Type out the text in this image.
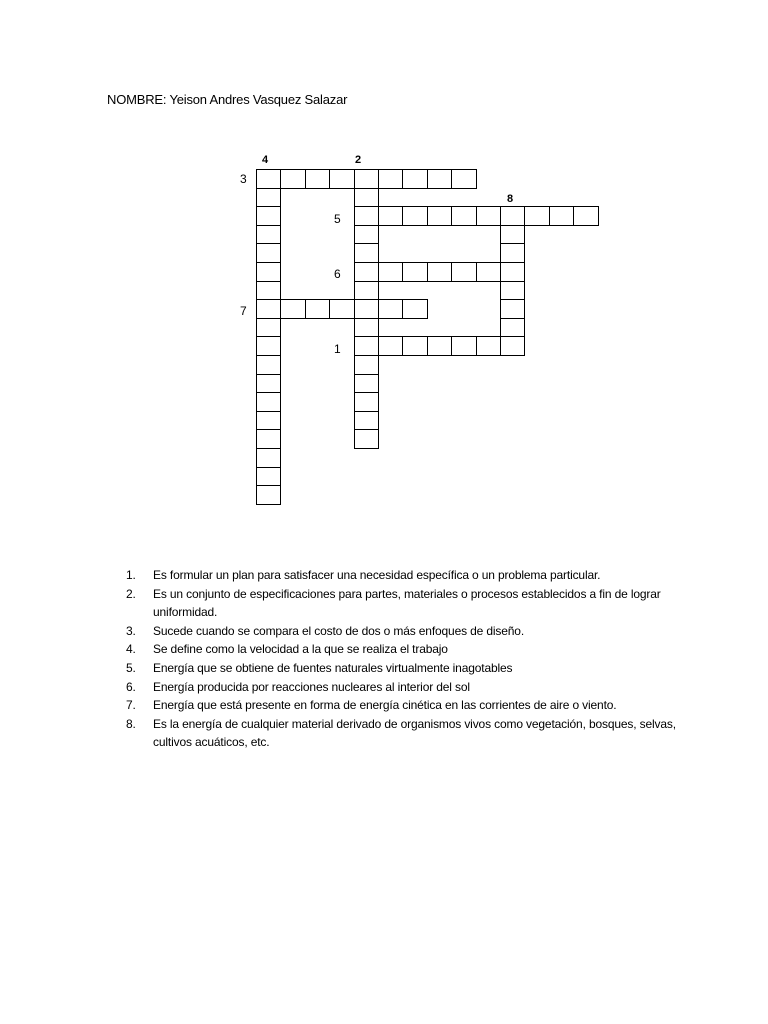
NOMBRE: Yeison Andres Vasquez Salazar
1
2
3
4
5
6
7
8
1. Es formular un plan para satisfacer una necesidad específica o un problema particular.
2. Es un conjunto de especificaciones para partes, materiales o procesos establecidos a fin de lograr uniformidad.
3. Sucede cuando se compara el costo de dos o más enfoques de diseño.
4. Se define como la velocidad a la que se realiza el trabajo
5. Energía que se obtiene de fuentes naturales virtualmente inagotables
6. Energía producida por reacciones nucleares al interior del sol
7. Energía que está presente en forma de energía cinética en las corrientes de aire o viento.
8. Es la energía de cualquier material derivado de organismos vivos como vegetación, bosques, selvas, cultivos acuáticos, etc.
